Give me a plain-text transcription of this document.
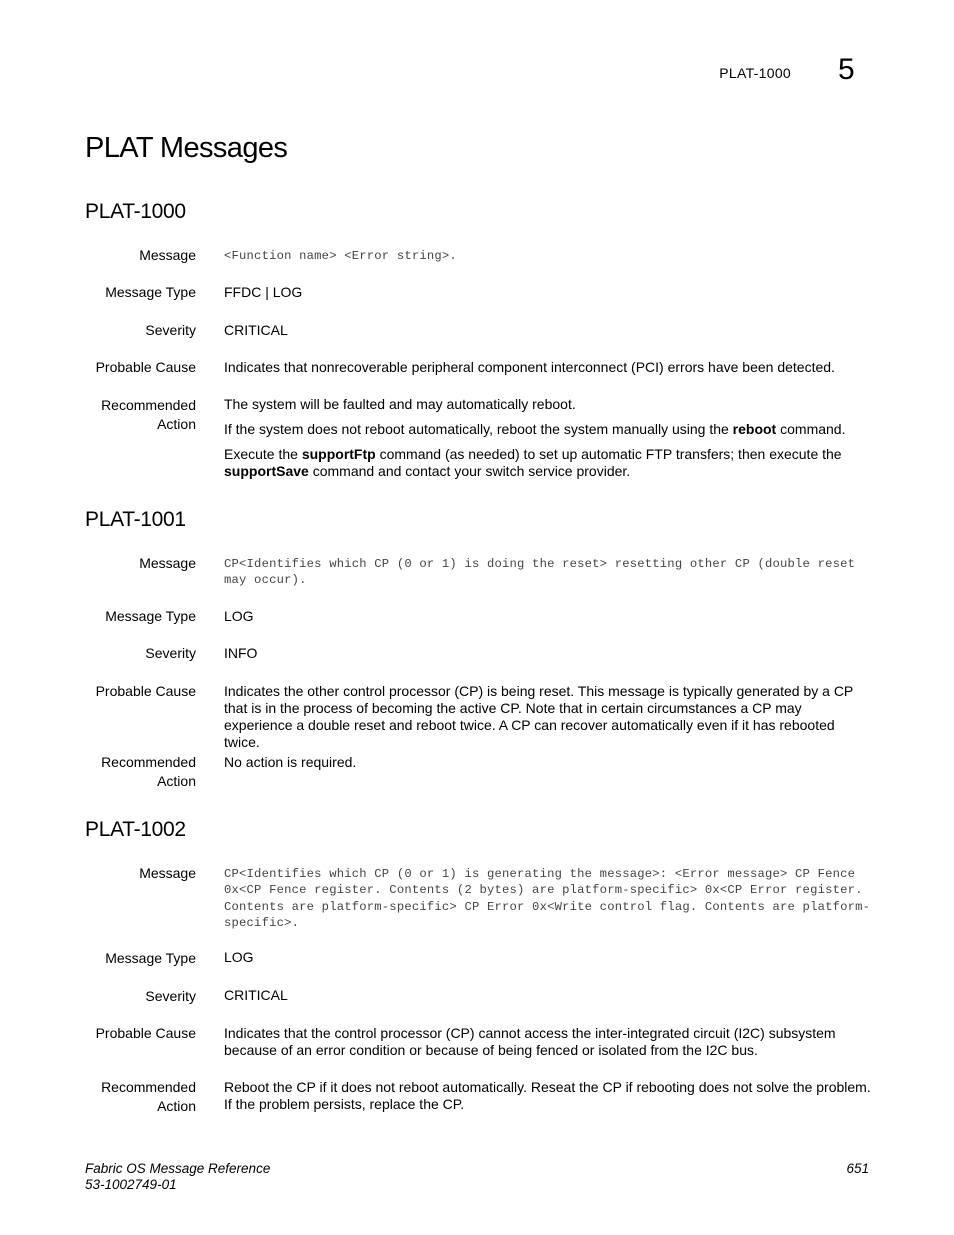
PLAT-1000 5
PLAT Messages
PLAT-1000
Message <Function name> <Error string>.
Message Type FFDC | LOG
Severity CRITICAL
Probable Cause Indicates that nonrecoverable peripheral component interconnect (PCI) errors have been detected.
Recommended
Action

The system will be faulted and may automatically reboot.

If the system does not reboot automatically, reboot the system manually using the reboot command.

Execute the supportFtp command (as needed) to set up automatic FTP transfers; then execute the supportSave command and contact your switch service provider.

PLAT-1001
Message CP<Identifies which CP (0 or 1) is doing the reset> resetting other CP (double reset may occur).
Message Type LOG
Severity INFO
Probable Cause Indicates the other control processor (CP) is being reset. This message is typically generated by a CP that is in the process of becoming the active CP. Note that in certain circumstances a CP may experience a double reset and reboot twice. A CP can recover automatically even if it has rebooted twice.
Recommended
Action
No action is required.
PLAT-1002
Message CP<Identifies which CP (0 or 1) is generating the message>: <Error message> CP Fence 0x<CP Fence register. Contents (2 bytes) are platform-specific> 0x<CP Error register. Contents are platform-specific> CP Error 0x<Write control flag. Contents are platform-specific>.
Message Type LOG
Severity CRITICAL
Probable Cause Indicates that the control processor (CP) cannot access the inter-integrated circuit (I2C) subsystem because of an error condition or because of being fenced or isolated from the I2C bus.
Recommended
Action
Reboot the CP if it does not reboot automatically. Reseat the CP if rebooting does not solve the problem. If the problem persists, replace the CP.
Fabric OS Message Reference
53-1002749-01
651
